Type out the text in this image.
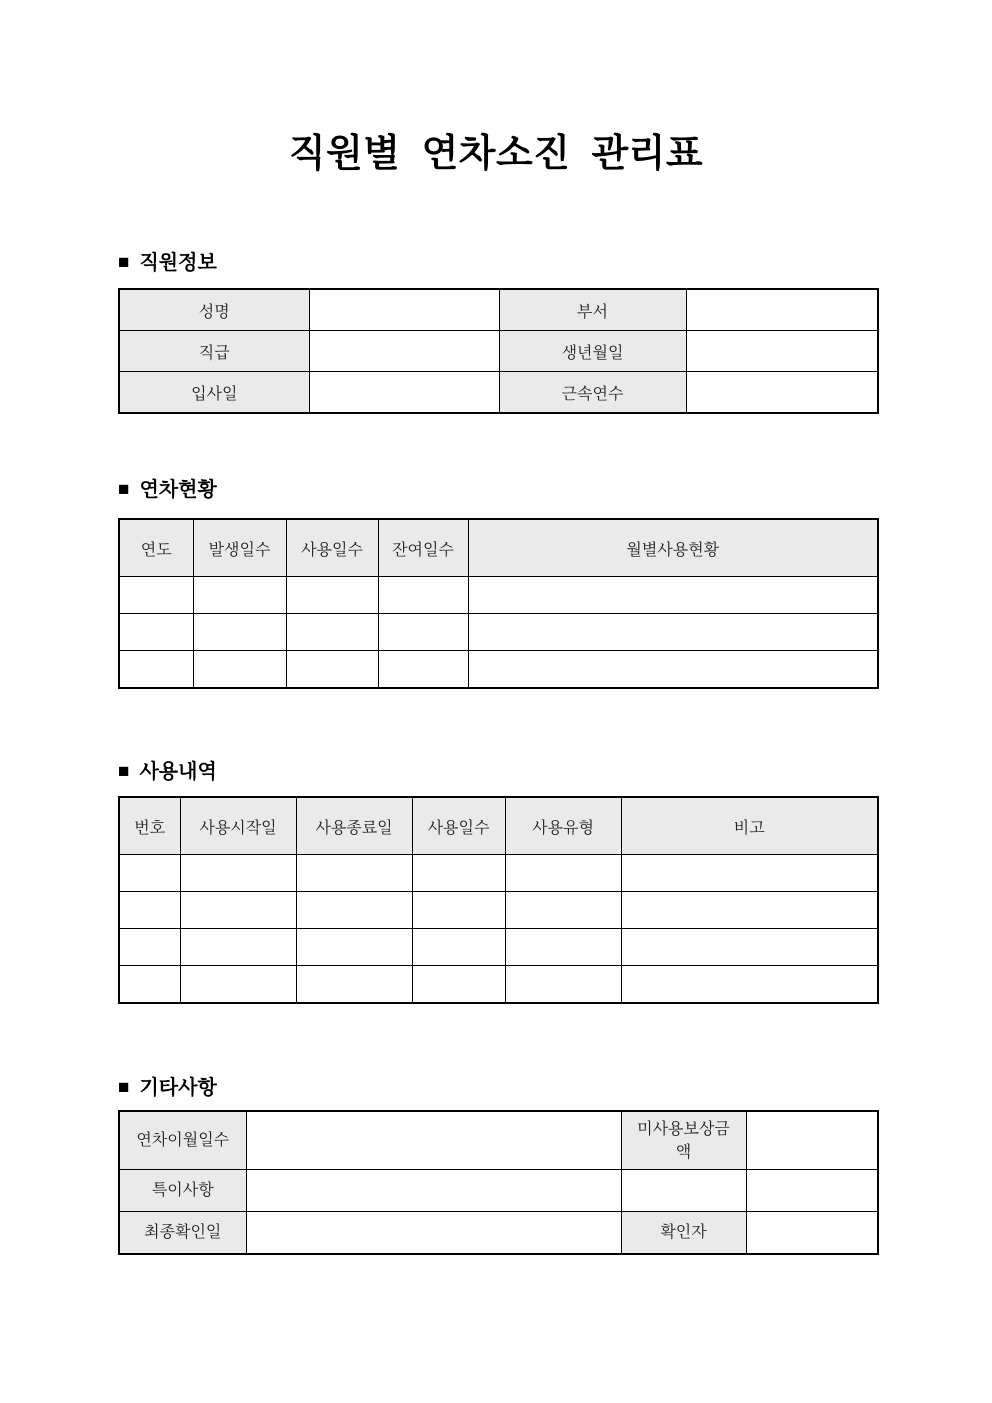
직원별 연차소진 관리표
■ 직원정보
성명		부서	
직급		생년월일	
입사일		근속연수	
■ 연차현황
연도	발생일수	사용일수	잔여일수	월별사용현황

■ 사용내역
번호	사용시작일	사용종료일	사용일수	사용유형	비고

■ 기타사항
연차이월일수		미사용보상금액	
특이사항			
최종확인일		확인자	
